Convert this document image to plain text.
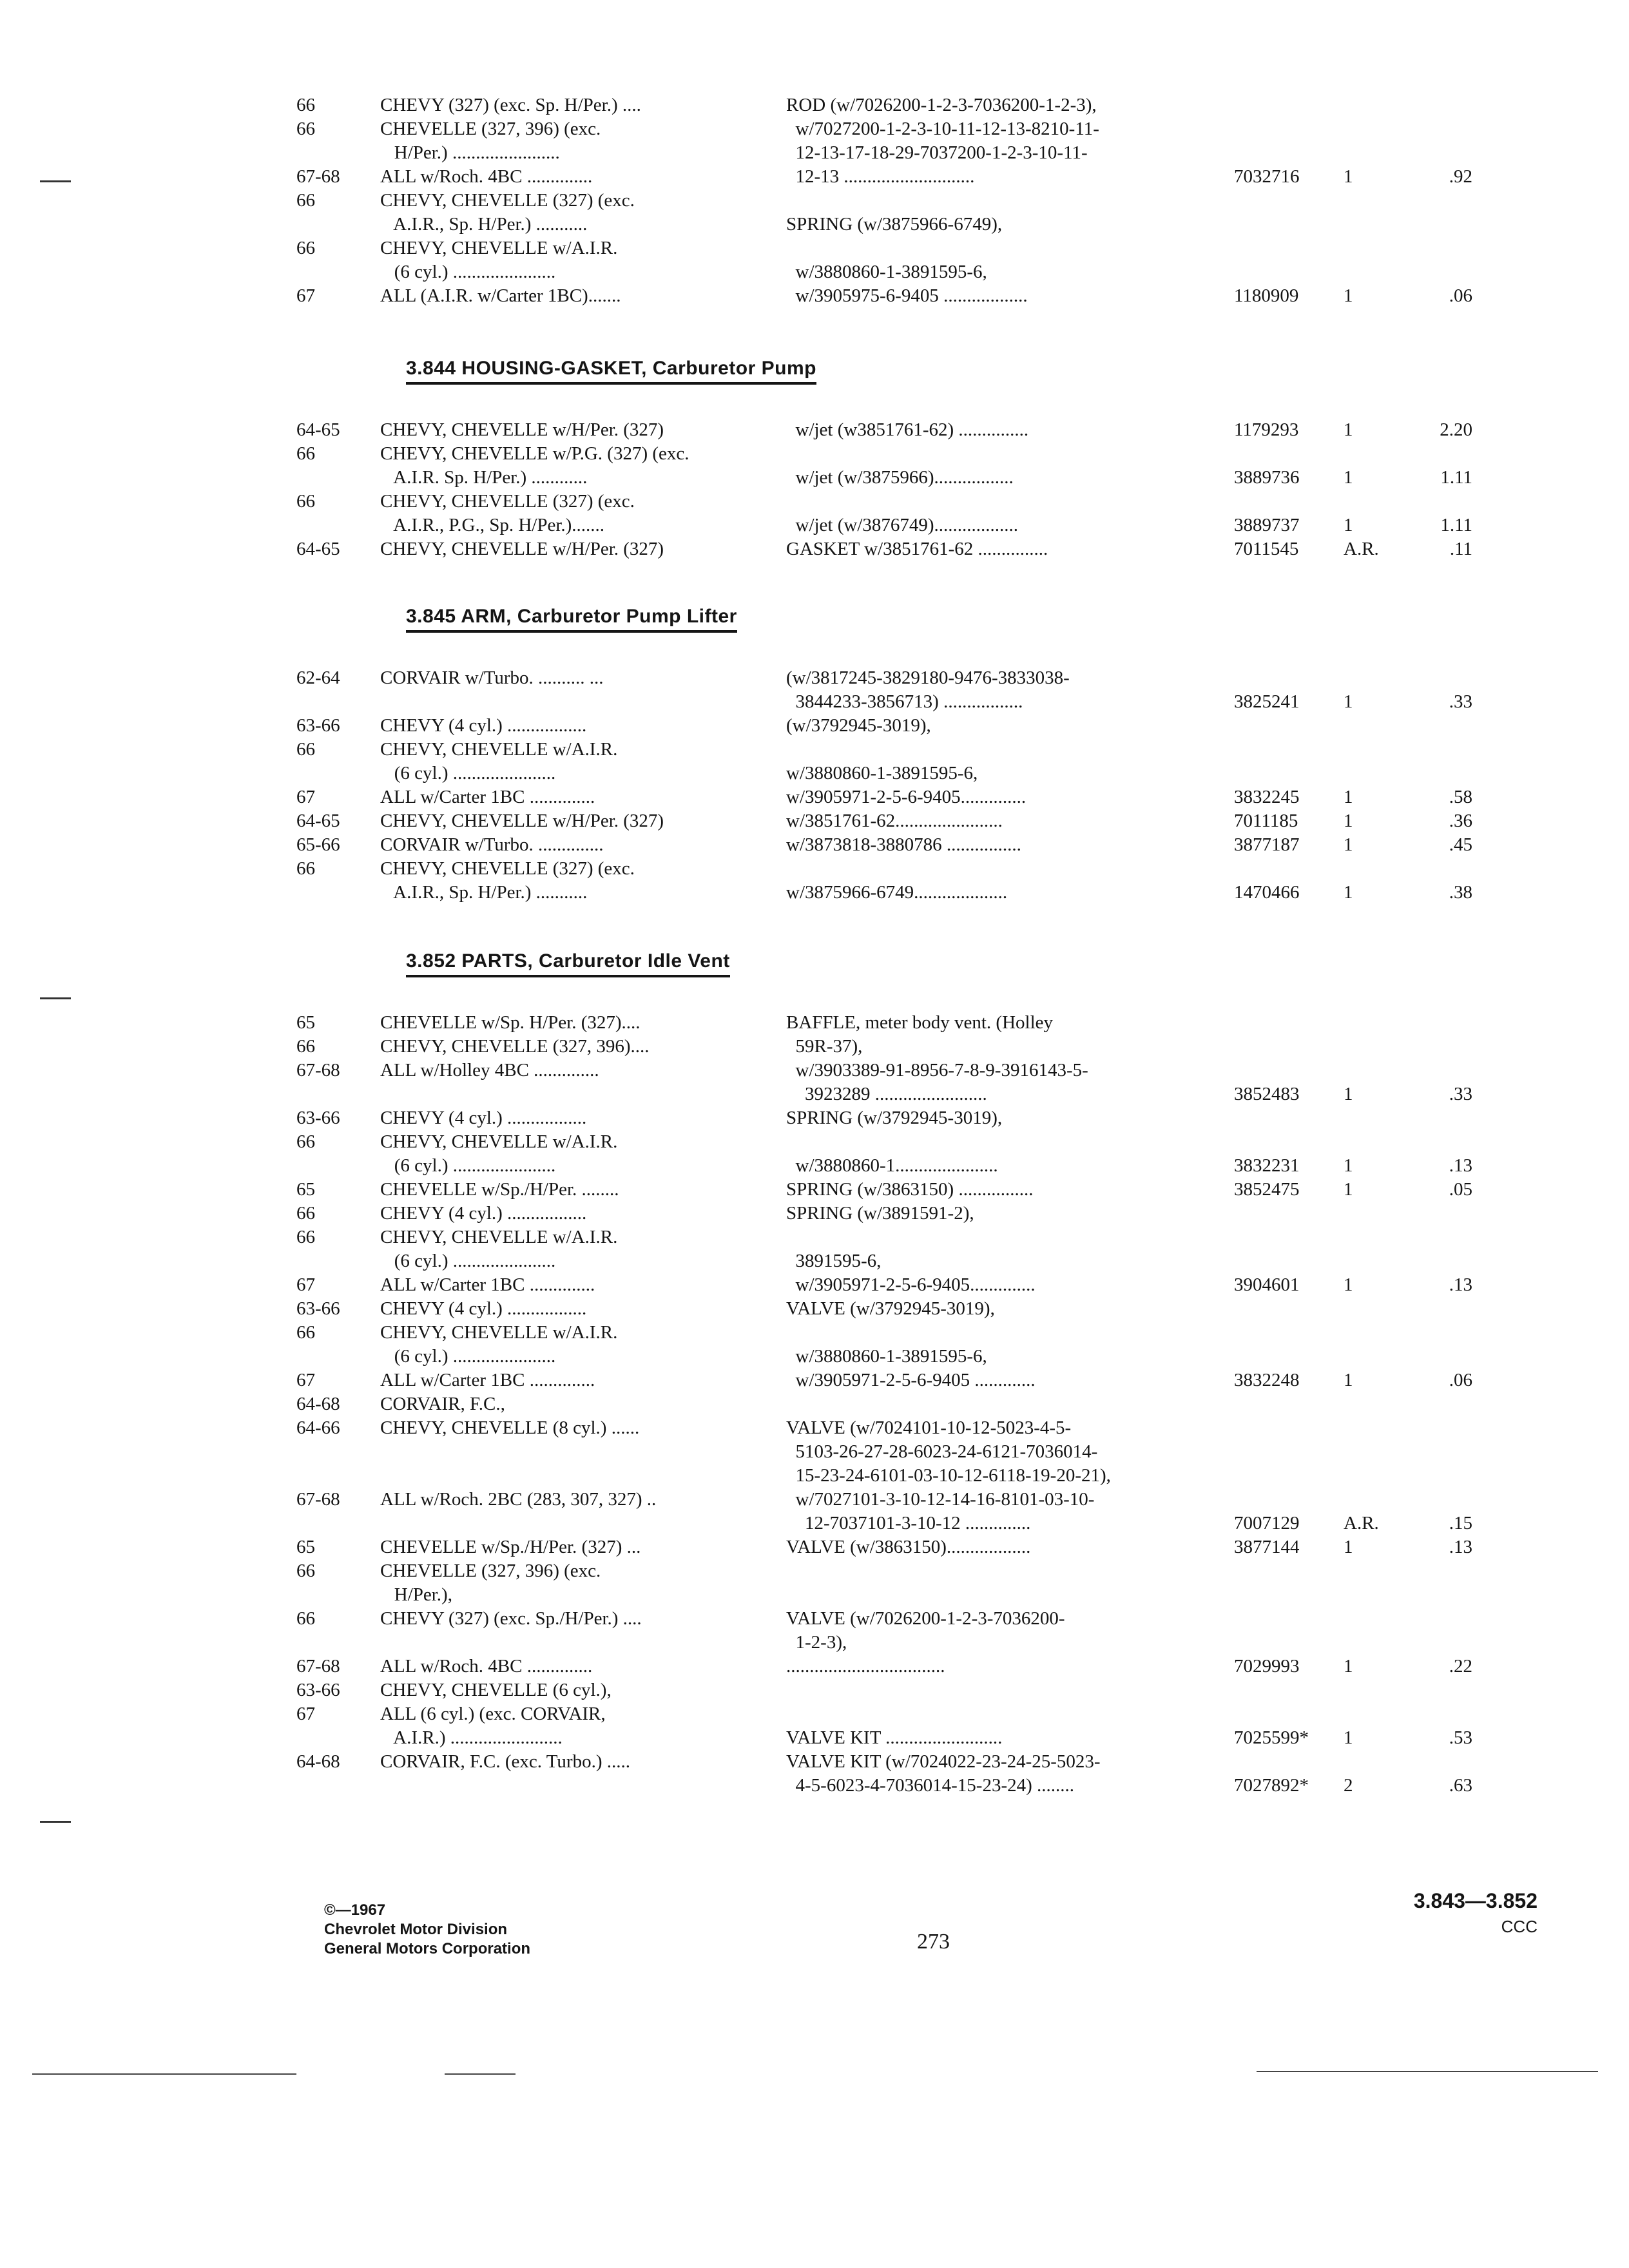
66	CHEVY (327) (exc. Sp. H/Per.) ....	ROD (w/7026200-1-2-3-7036200-1-2-3),
66	CHEVELLE (327, 396) (exc.	w/7027200-1-2-3-10-11-12-13-8210-11-
H/Per.) .......................	12-13-17-18-29-7037200-1-2-3-10-11-
67-68 ALL w/Roch. 4BC ..............	12-13 ............................	7032716 1	.92
66	CHEVY, CHEVELLE (327) (exc.
A.I.R., Sp. H/Per.) ...........	SPRING (w/3875966-6749),
66	CHEVY, CHEVELLE w/A.I.R.
(6 cyl.) ......................	w/3880860-1-3891595-6,
67	ALL (A.I.R. w/Carter 1BC).......	w/3905975-6-9405 ..................	1180909 1	.06
3.844 HOUSING-GASKET, Carburetor Pump
64-65 CHEVY, CHEVELLE w/H/Per. (327)	w/jet (w3851761-62) ...............	1179293 1	2.20
66	CHEVY, CHEVELLE w/P.G. (327) (exc.
A.I.R. Sp. H/Per.) ............	w/jet (w/3875966).................	3889736 1	1.11
66	CHEVY, CHEVELLE (327) (exc.
A.I.R., P.G., Sp. H/Per.).......	w/jet (w/3876749)..................	3889737 1	1.11
64-65 CHEVY, CHEVELLE w/H/Per. (327)	GASKET w/3851761-62 ...............	7011545 A.R.	.11
3.845 ARM, Carburetor Pump Lifter
62-64 CORVAIR w/Turbo. .......... ...	(w/3817245-3829180-9476-3833038-
3844233-3856713) .................	3825241 1	.33
63-66 CHEVY (4 cyl.) .................	(w/3792945-3019),
66	CHEVY, CHEVELLE w/A.I.R.
(6 cyl.) ......................	w/3880860-1-3891595-6,
67	ALL w/Carter 1BC ..............	w/3905971-2-5-6-9405..............	3832245 1	.58
64-65 CHEVY, CHEVELLE w/H/Per. (327)	w/3851761-62.......................	7011185 1	.36
65-66 CORVAIR w/Turbo. ..............	w/3873818-3880786 ................	3877187 1	.45
66	CHEVY, CHEVELLE (327) (exc.
A.I.R., Sp. H/Per.) ...........	w/3875966-6749....................	1470466 1	.38
3.852 PARTS, Carburetor Idle Vent
65	CHEVELLE w/Sp. H/Per. (327)....	BAFFLE, meter body vent. (Holley
66	CHEVY, CHEVELLE (327, 396)....	59R-37),
67-68 ALL w/Holley 4BC ..............	w/3903389-91-8956-7-8-9-3916143-5-
3923289 ........................	3852483 1	.33
63-66 CHEVY (4 cyl.) .................	SPRING (w/3792945-3019),
66	CHEVY, CHEVELLE w/A.I.R.
(6 cyl.) ......................	w/3880860-1......................	3832231 1	.13
65	CHEVELLE w/Sp./H/Per. ........	SPRING (w/3863150) ................	3852475 1	.05
66	CHEVY (4 cyl.) .................	SPRING (w/3891591-2),
66	CHEVY, CHEVELLE w/A.I.R.
(6 cyl.) ......................	3891595-6,
67	ALL w/Carter 1BC ..............	w/3905971-2-5-6-9405..............	3904601 1	.13
63-66 CHEVY (4 cyl.) .................	VALVE (w/3792945-3019),
66	CHEVY, CHEVELLE w/A.I.R.
(6 cyl.) ......................	w/3880860-1-3891595-6,
67	ALL w/Carter 1BC ..............	w/3905971-2-5-6-9405 .............	3832248 1	.06
64-68 CORVAIR, F.C.,
64-66 CHEVY, CHEVELLE (8 cyl.) ......	VALVE (w/7024101-10-12-5023-4-5-
5103-26-27-28-6023-24-6121-7036014-
15-23-24-6101-03-10-12-6118-19-20-21),
67-68 ALL w/Roch. 2BC (283, 307, 327) ..	w/7027101-3-10-12-14-16-8101-03-10-
12-7037101-3-10-12 ..............	7007129 A.R.	.15
65	CHEVELLE w/Sp./H/Per. (327) ...	VALVE (w/3863150)..................	3877144 1	.13
66	CHEVELLE (327, 396) (exc.
H/Per.),
66	CHEVY (327) (exc. Sp./H/Per.) ....	VALVE (w/7026200-1-2-3-7036200-
1-2-3),
67-68 ALL w/Roch. 4BC ..............	..................................	7029993 1	.22
63-66 CHEVY, CHEVELLE (6 cyl.),
67	ALL (6 cyl.) (exc. CORVAIR,
A.I.R.) ........................	VALVE KIT .........................	7025599* 1	.53
64-68 CORVAIR, F.C. (exc. Turbo.) .....	VALVE KIT (w/7024022-23-24-25-5023-
4-5-6023-4-7036014-15-23-24) ........	7027892* 2	.63
©—1967
Chevrolet Motor Division
General Motors Corporation	273
3.843—3.852
CCC
